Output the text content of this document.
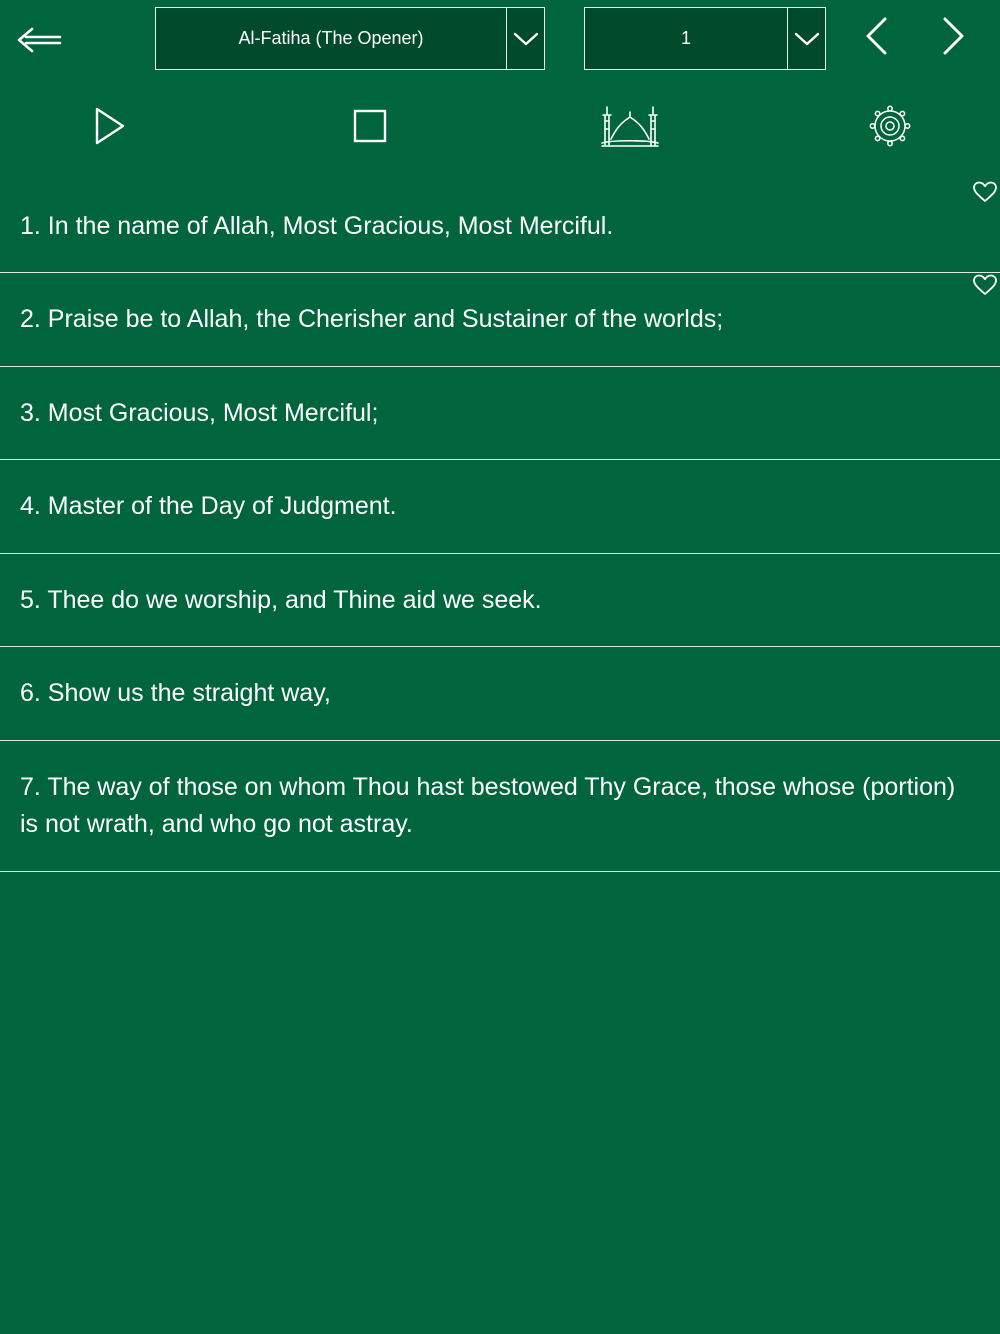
Al-Fatiha (The Opener)	1
1. In the name of Allah, Most Gracious, Most Merciful.
2. Praise be to Allah, the Cherisher and Sustainer of the worlds;
3. Most Gracious, Most Merciful;
4. Master of the Day of Judgment.
5. Thee do we worship, and Thine aid we seek.
6. Show us the straight way,
7. The way of those on whom Thou hast bestowed Thy Grace, those whose (portion) is not wrath, and who go not astray.
